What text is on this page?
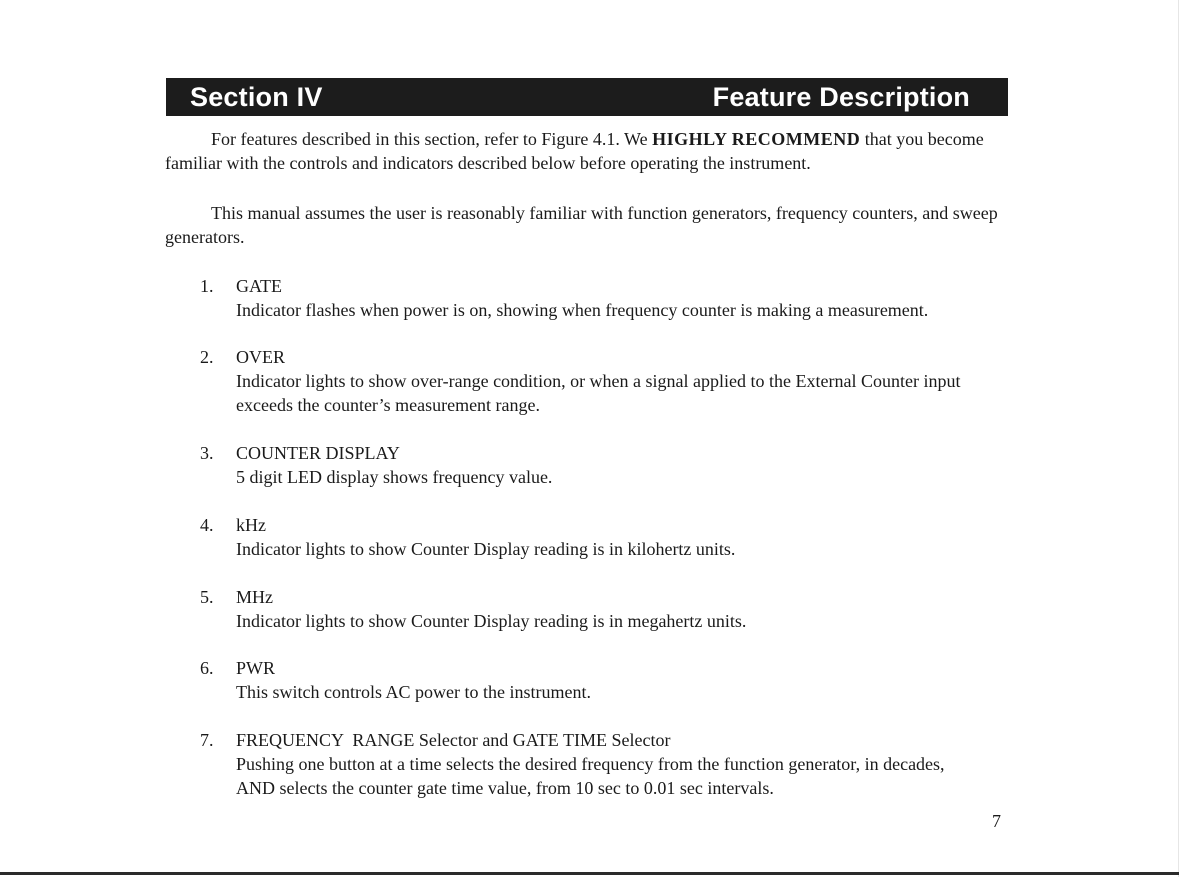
Section IV	Feature Description

For features described in this section, refer to Figure 4.1. We HIGHLY RECOMMEND that you become familiar with the controls and indicators described below before operating the instrument.

This manual assumes the user is reasonably familiar with function generators, frequency counters, and sweep generators.

1. GATE
Indicator flashes when power is on, showing when frequency counter is making a measurement.
2. OVER
Indicator lights to show over-range condition, or when a signal applied to the External Counter input exceeds the counter’s measurement range.
3. COUNTER DISPLAY
5 digit LED display shows frequency value.
4. kHz
Indicator lights to show Counter Display reading is in kilohertz units.
5. MHz
Indicator lights to show Counter Display reading is in megahertz units.
6. PWR
This switch controls AC power to the instrument.
7. FREQUENCY  RANGE Selector and GATE TIME Selector
Pushing one button at a time selects the desired frequency from the function generator, in decades, AND selects the counter gate time value, from 10 sec to 0.01 sec intervals.
7
